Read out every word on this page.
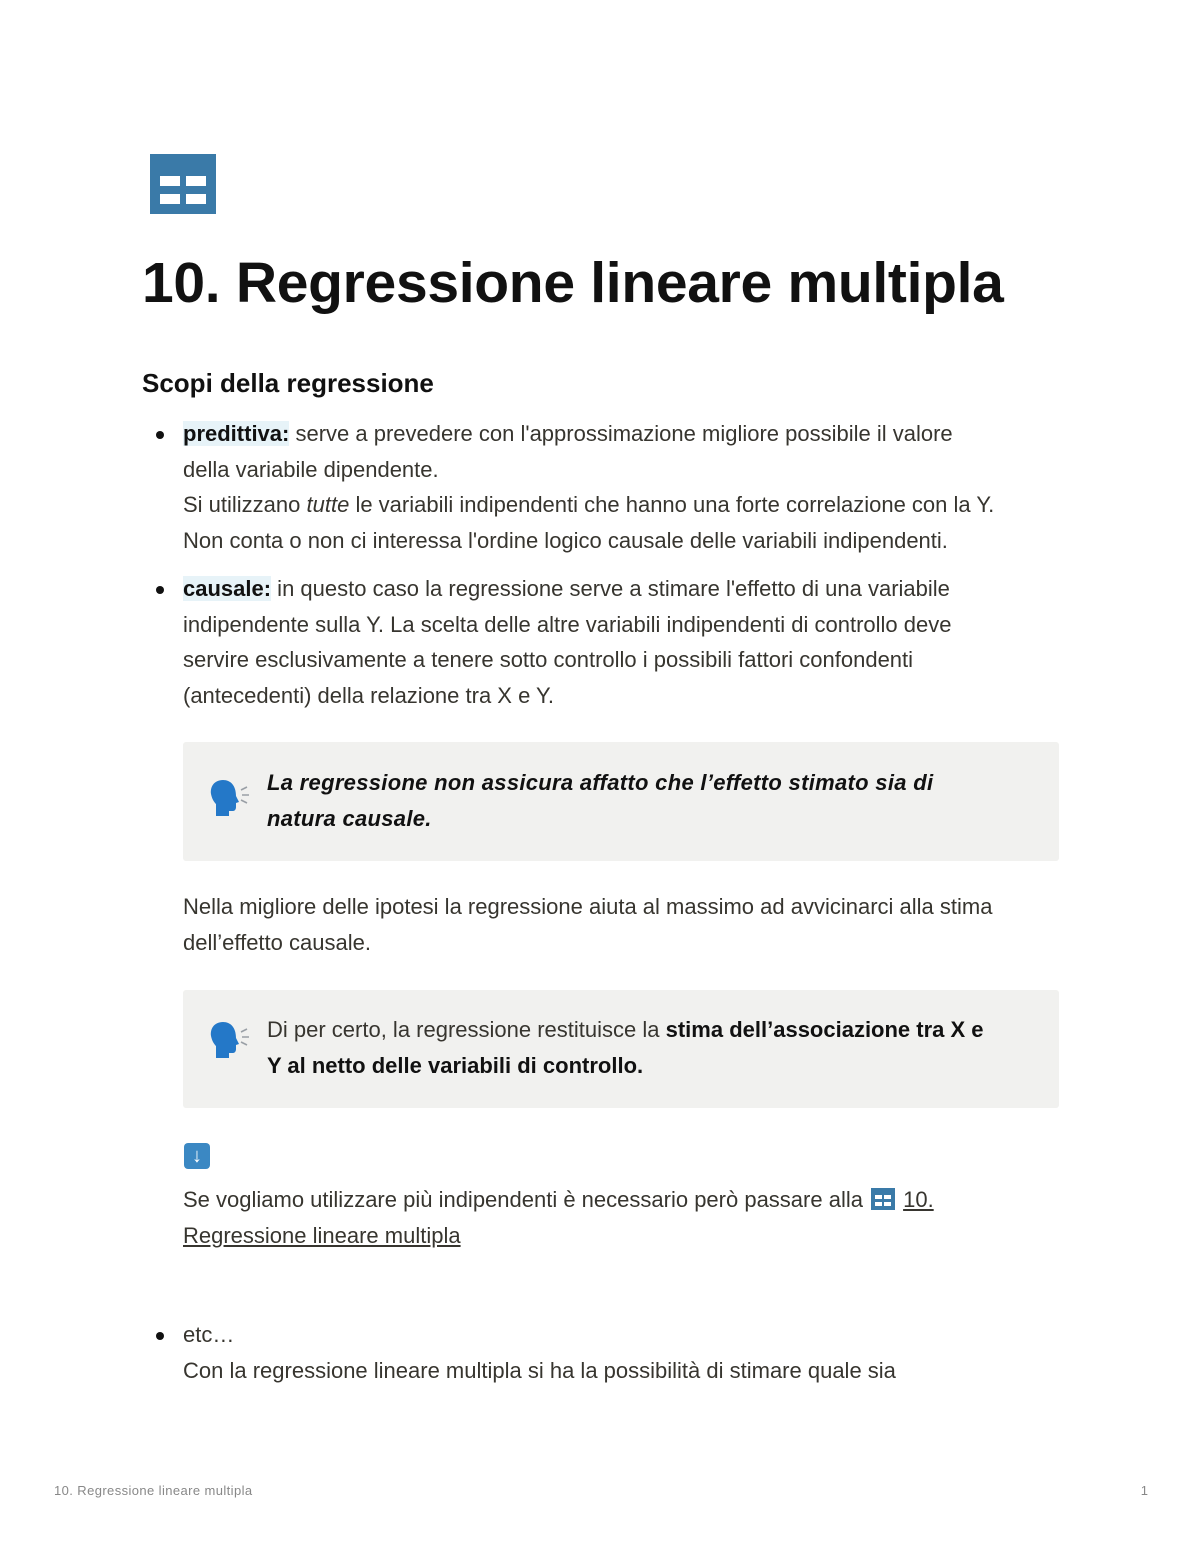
10. Regressione lineare multipla
Scopi della regressione
predittiva: serve a prevedere con l'approssimazione migliore possibile il valore
della variabile dipendente.
Si utilizzano tutte le variabili indipendenti che hanno una forte correlazione con la Y.
Non conta o non ci interessa l'ordine logico causale delle variabili indipendenti.
causale: in questo caso la regressione serve a stimare l'effetto di una variabile
indipendente sulla Y. La scelta delle altre variabili indipendenti di controllo deve
servire esclusivamente a tenere sotto controllo i possibili fattori confondenti
(antecedenti) della relazione tra X e Y.
La regressione non assicura affatto che l’effetto stimato sia di
natura causale.
Nella migliore delle ipotesi la regressione aiuta al massimo ad avvicinarci alla stima
dell’effetto causale.
Di per certo, la regressione restituisce la stima dell’associazione tra X e
Y al netto delle variabili di controllo.
↓
Se vogliamo utilizzare più indipendenti è necessario però passare alla 10.
Regressione lineare multipla
etc…
Con la regressione lineare multipla si ha la possibilità di stimare quale sia
10. Regressione lineare multipla	1
